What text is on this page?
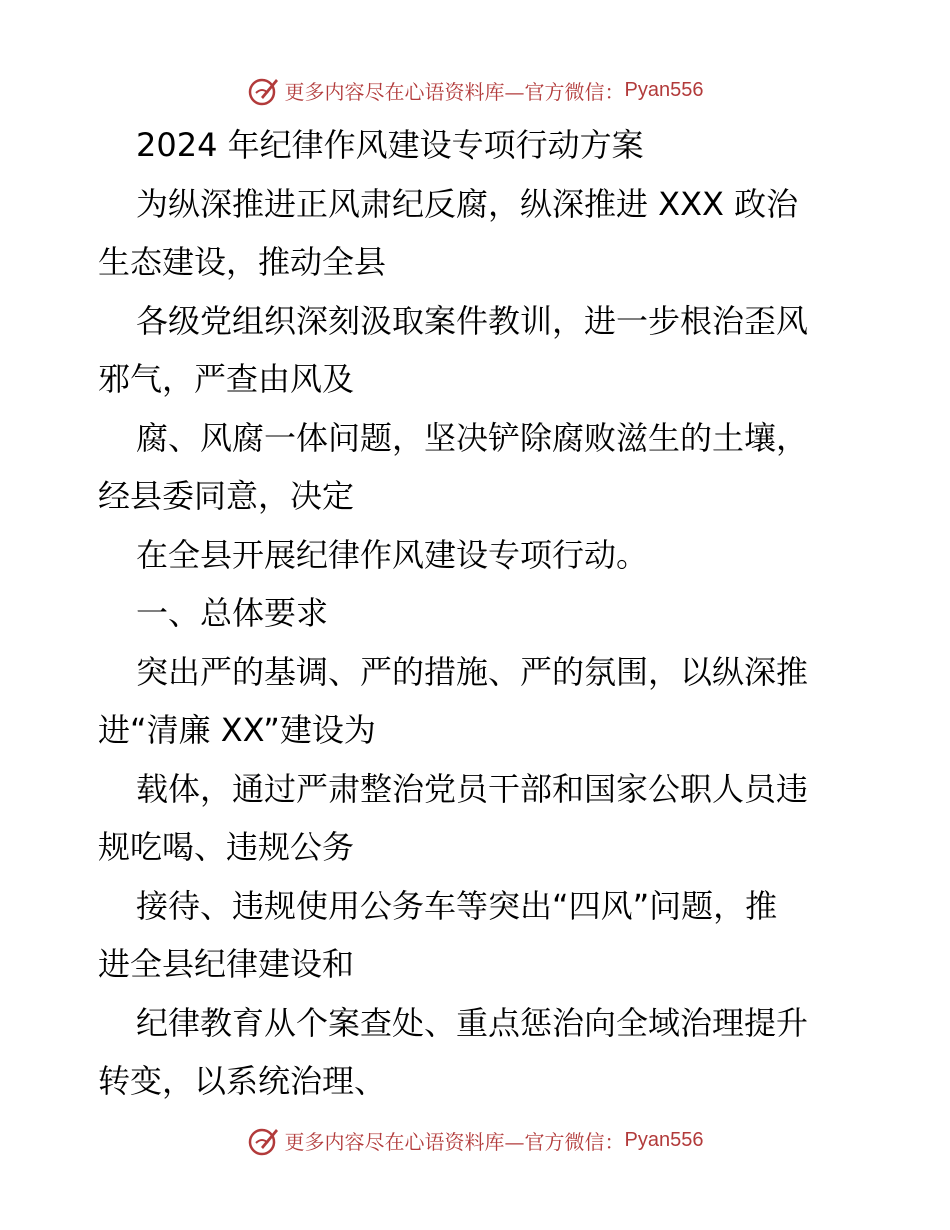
更多内容尽在心语资料库—官方微信： Pyan556
2024 年纪律作风建设专项行动方案
为纵深推进正风肃纪反腐，纵深推进 XXX 政治
生态建设，推动全县
各级党组织深刻汲取案件教训，进一步根治歪风
邪气，严查由风及
腐、风腐一体问题，坚决铲除腐败滋生的土壤，
经县委同意，决定
在全县开展纪律作风建设专项行动。
一、总体要求
突出严的基调、严的措施、严的氛围，以纵深推
进“清廉 XX”建设为
载体，通过严肃整治党员干部和国家公职人员违
规吃喝、违规公务
接待、违规使用公务车等突出“四风”问题，推
进全县纪律建设和
纪律教育从个案查处、重点惩治向全域治理提升
转变，以系统治理、
更多内容尽在心语资料库—官方微信： Pyan556
